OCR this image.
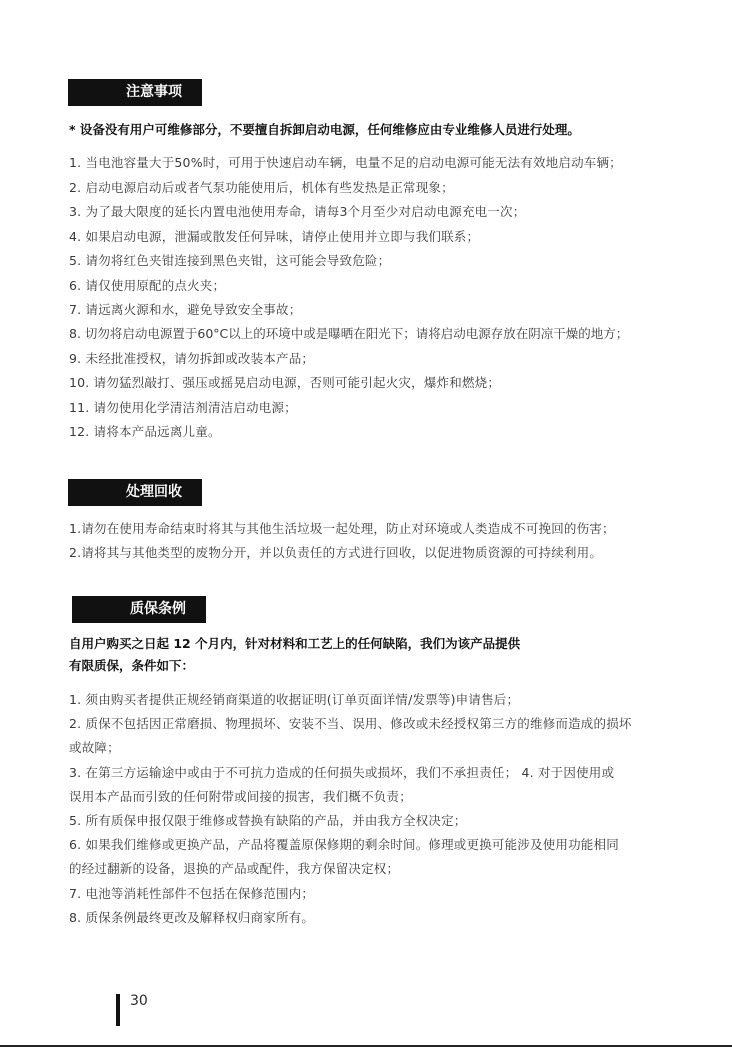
注意事项
* 设备没有用户可维修部分，不要擅自拆卸启动电源，任何维修应由专业维修人员进行处理。
1. 当电池容量大于50%时，可用于快速启动车辆，电量不足的启动电源可能无法有效地启动车辆；
2. 启动电源启动后或者气泵功能使用后，机体有些发热是正常现象；
3. 为了最大限度的延长内置电池使用寿命，请每3个月至少对启动电源充电一次；
4. 如果启动电源，泄漏或散发任何异味，请停止使用并立即与我们联系；
5. 请勿将红色夹钳连接到黑色夹钳，这可能会导致危险；
6. 请仅使用原配的点火夹；
7. 请远离火源和水，避免导致安全事故；
8. 切勿将启动电源置于60°C以上的环境中或是曝晒在阳光下；请将启动电源存放在阴凉干燥的地方；
9. 未经批准授权，请勿拆卸或改装本产品；
10. 请勿猛烈敲打、强压或摇晃启动电源，否则可能引起火灾，爆炸和燃烧；
11. 请勿使用化学清洁剂清洁启动电源；
12. 请将本产品远离儿童。
处理回收
1.请勿在使用寿命结束时将其与其他生活垃圾一起处理，防止对环境或人类造成不可挽回的伤害；
2.请将其与其他类型的废物分开，并以负责任的方式进行回收，以促进物质资源的可持续利用。
质保条例
自用户购买之日起 12 个月内，针对材料和工艺上的任何缺陷，我们为该产品提供
有限质保，条件如下：
1. 须由购买者提供正规经销商渠道的收据证明(订单页面详情/发票等)申请售后；
2. 质保不包括因正常磨损、物理损坏、安装不当、误用、修改或未经授权第三方的维修而造成的损坏
或故障；
3. 在第三方运输途中或由于不可抗力造成的任何损失或损坏，我们不承担责任； 4. 对于因使用或
误用本产品而引致的任何附带或间接的损害，我们概不负责；
5. 所有质保申报仅限于维修或替换有缺陷的产品，并由我方全权决定；
6. 如果我们维修或更换产品，产品将覆盖原保修期的剩余时间。修理或更换可能涉及使用功能相同
的经过翻新的设备，退换的产品或配件，我方保留决定权；
7. 电池等消耗性部件不包括在保修范围内；
8. 质保条例最终更改及解释权归商家所有。
30
